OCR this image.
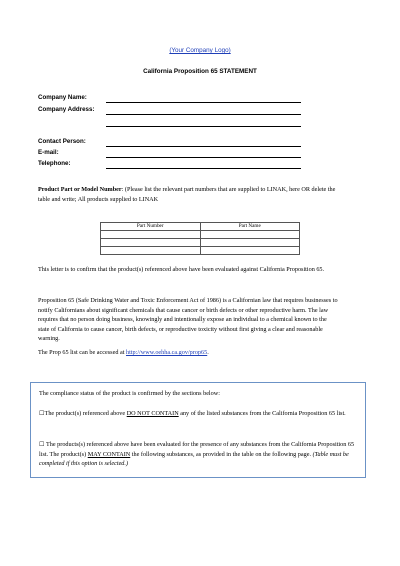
(Your Company Logo)
California Proposition 65 STATEMENT
Company Name:
Company Address:
Contact Person:
E-mail:
Telephone:
Product Part or Model Number: (Please list the relevant part numbers that are supplied to LINAK, here OR delete the table and write; All products supplied to LINAK
Part Number	Part Name

This letter is to confirm that the product(s) referenced above have been evaluated against California Proposition 65.
Proposition 65 (Safe Drinking Water and Toxic Enforcement Act of 1986) is a Californian law that requires businesses to notify Californians about significant chemicals that cause cancer or birth defects or other reproductive harm. The law requires that no person doing business, knowingly and intentionally expose an individual to a chemical known to the state of California to cause cancer, birth defects, or reproductive toxicity without first giving a clear and reasonable warning.
The Prop 65 list can be accessed at http://www.oehha.ca.gov/prop65.
The compliance status of the product is confirmed by the sections below:
☐The product(s) referenced above DO NOT CONTAIN any of the listed substances from the California Proposition 65 list.
☐ The products(s) referenced above have been evaluated for the presence of any substances from the California Proposition 65 list. The product(s) MAY CONTAIN the following substances, as provided in the table on the following page. (Table must be completed if this option is selected.)
